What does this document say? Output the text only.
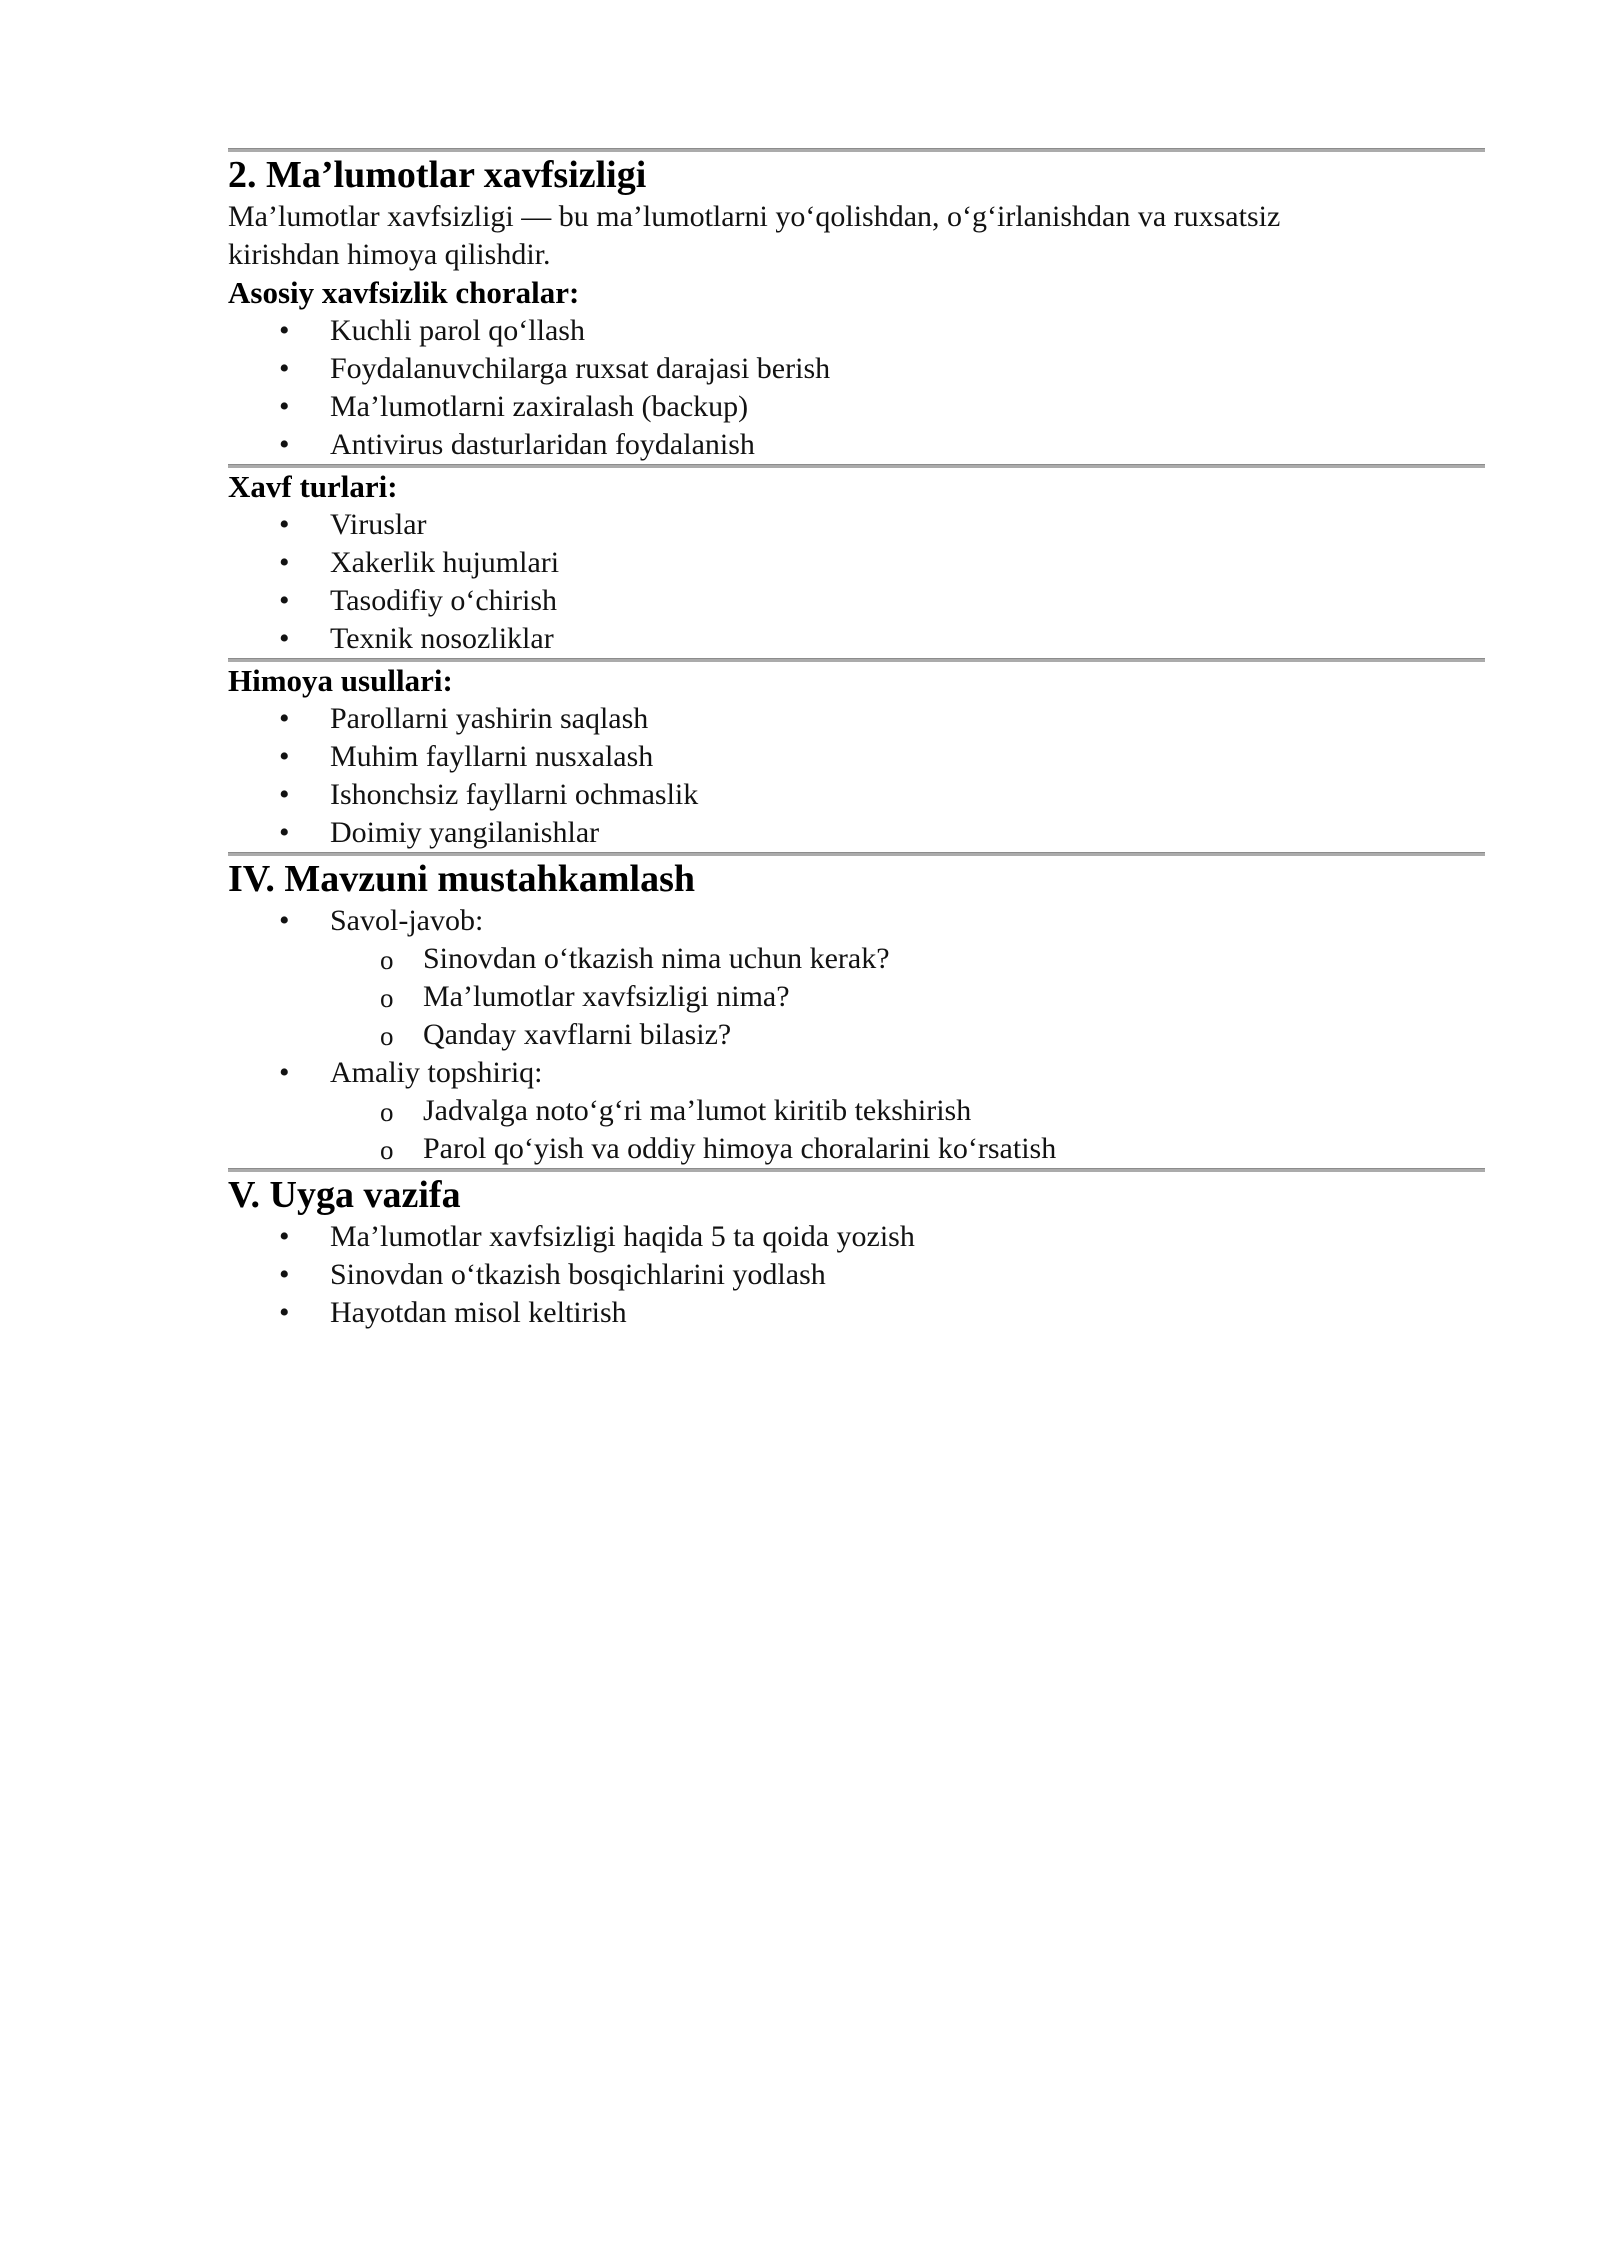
2. Ma’lumotlar xavfsizligi

Ma’lumotlar xavfsizligi — bu ma’lumotlarni yo‘qolishdan, o‘g‘irlanishdan va ruxsatsiz kirishdan himoya qilishdir.

Asosiy xavfsizlik choralar:

• Kuchli parol qo‘llash
• Foydalanuvchilarga ruxsat darajasi berish
• Ma’lumotlarni zaxiralash (backup)
• Antivirus dasturlaridan foydalanish

Xavf turlari:

• Viruslar
• Xakerlik hujumlari
• Tasodifiy o‘chirish
• Texnik nosozliklar

Himoya usullari:

• Parollarni yashirin saqlash
• Muhim fayllarni nusxalash
• Ishonchsiz fayllarni ochmaslik
• Doimiy yangilanishlar
IV. Mavzuni mustahkamlash
• Savol-javob:
o Sinovdan o‘tkazish nima uchun kerak?
o Ma’lumotlar xavfsizligi nima?
o Qanday xavflarni bilasiz?
• Amaliy topshiriq:
o Jadvalga noto‘g‘ri ma’lumot kiritib tekshirish
o Parol qo‘yish va oddiy himoya choralarini ko‘rsatish
V. Uyga vazifa
• Ma’lumotlar xavfsizligi haqida 5 ta qoida yozish
• Sinovdan o‘tkazish bosqichlarini yodlash
• Hayotdan misol keltirish
